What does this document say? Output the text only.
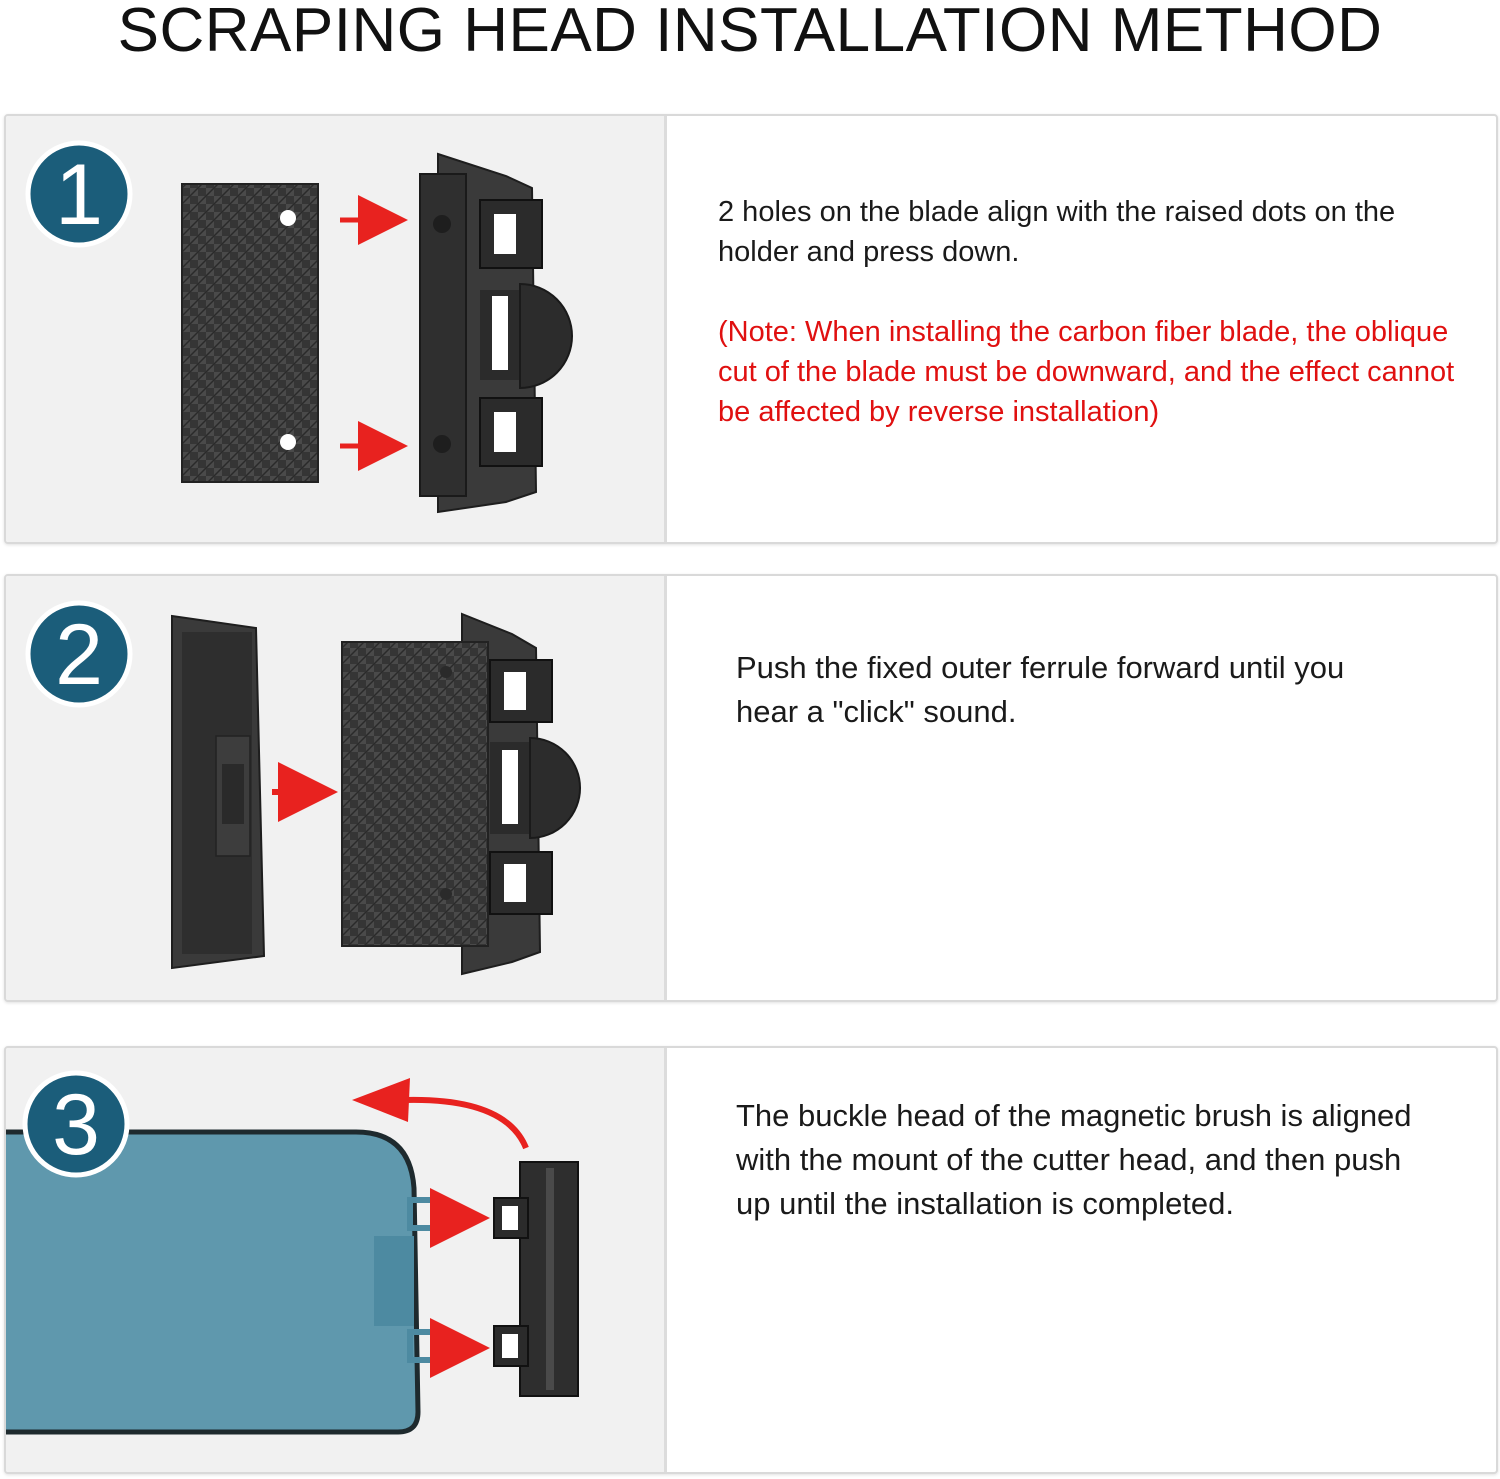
SCRAPING HEAD INSTALLATION METHOD
1	2 holes on the blade align with the raised dots on the holder and press down.
(Note: When installing the carbon fiber blade, the oblique cut of the blade must be downward, and the effect cannot be affected by reverse installation)
2	Push the fixed outer ferrule forward until you hear a "click" sound.
3	The buckle head of the magnetic brush is aligned with the mount of the cutter head, and then push up until the installation is completed.
